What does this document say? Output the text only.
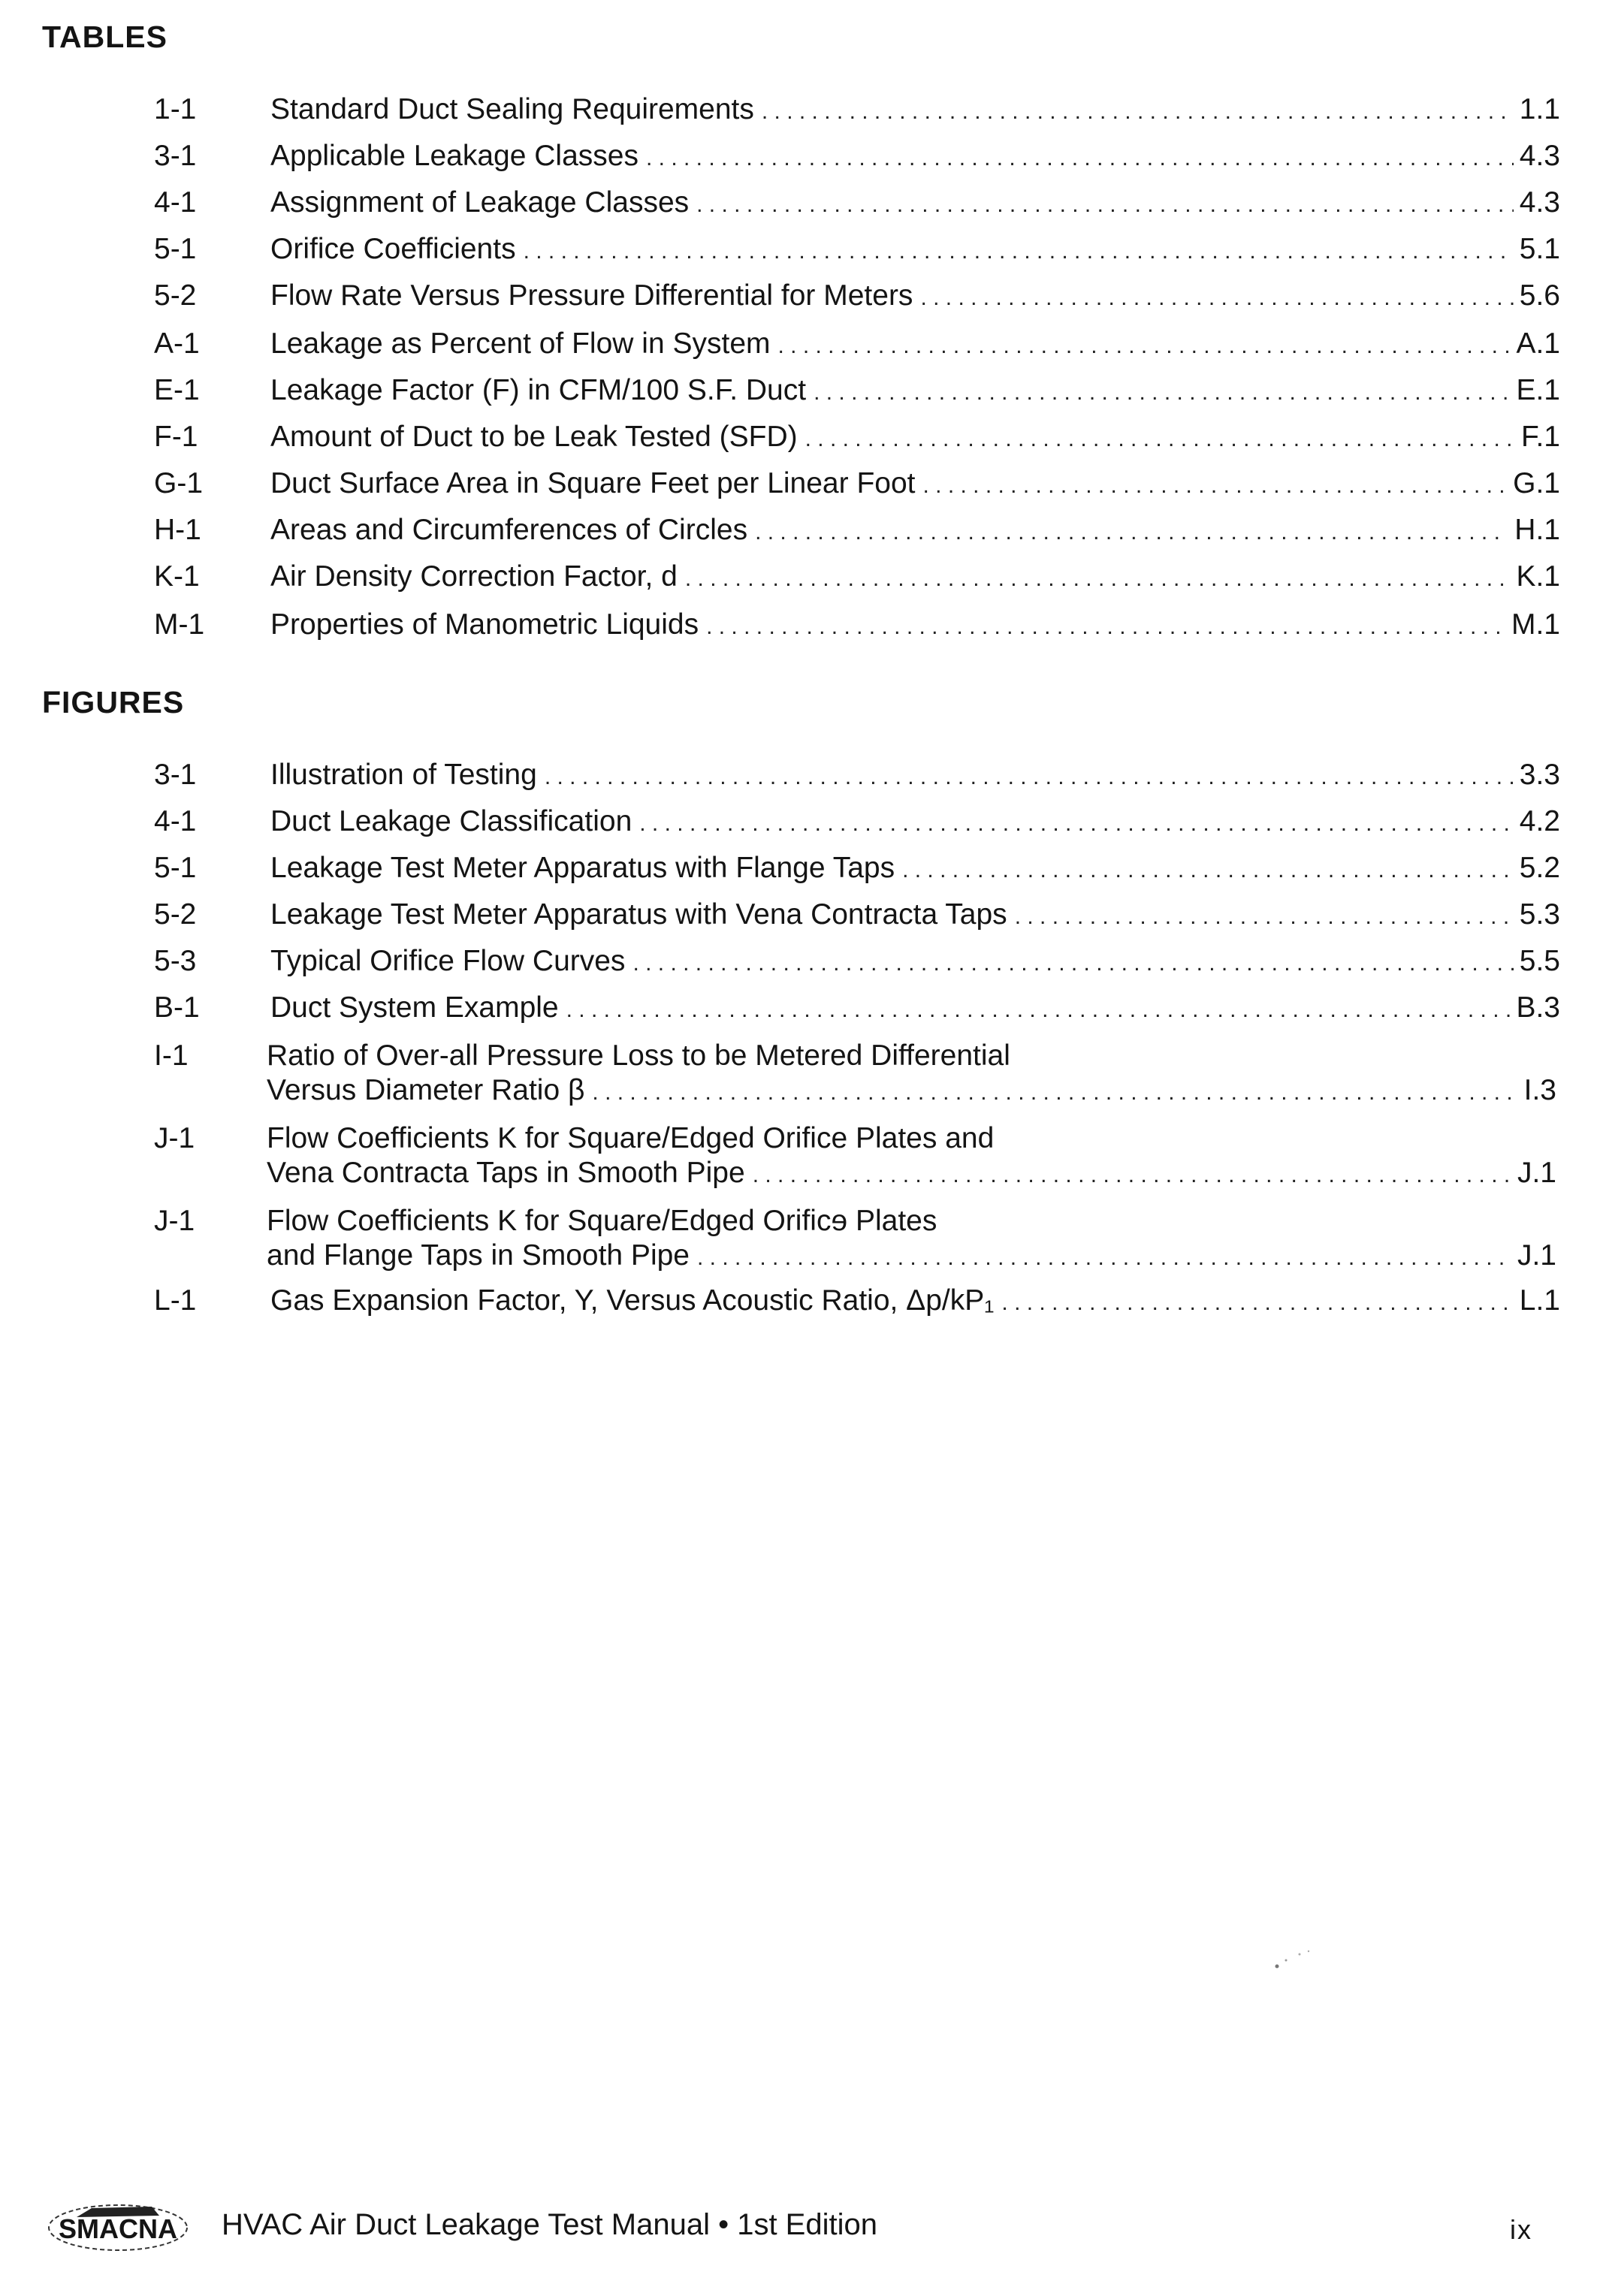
TABLES
1-1	Standard Duct Sealing Requirements . . .	1.1
3-1	Applicable Leakage Classes . . .	4.3
4-1	Assignment of Leakage Classes . . .	4.3
5-1	Orifice Coefficients . . .	5.1
5-2	Flow Rate Versus Pressure Differential for Meters . . .	5.6
A-1	Leakage as Percent of Flow in System . . .	A.1
E-1	Leakage Factor (F) in CFM/100 S.F. Duct . . .	E.1
F-1	Amount of Duct to be Leak Tested (SFD) . . .	F.1
G-1	Duct Surface Area in Square Feet per Linear Foot . . .	G.1
H-1	Areas and Circumferences of Circles . . .	H.1
K-1	Air Density Correction Factor, d . . .	K.1
M-1	Properties of Manometric Liquids . . .	M.1
FIGURES
3-1	Illustration of Testing . . .	3.3
4-1	Duct Leakage Classification . . .	4.2
5-1	Leakage Test Meter Apparatus with Flange Taps . . .	5.2
5-2	Leakage Test Meter Apparatus with Vena Contracta Taps . . .	5.3
5-3	Typical Orifice Flow Curves . . .	5.5
B-1	Duct System Example . . .	B.3
I-1	Ratio of Over-all Pressure Loss to be Metered Differential
Versus Diameter Ratio β . . .	I.3
J-1	Flow Coefficients K for Square/Edged Orifice Plates and
Vena Contracta Taps in Smooth Pipe . . .	J.1
J-1	Flow Coefficients K for Square/Edged Orificɘ Plates
and Flange Taps in Smooth Pipe . . .	J.1
L-1	Gas Expansion Factor, Y, Versus Acoustic Ratio, Δp/kP₁ . . .	L.1
SMACNA HVAC Air Duct Leakage Test Manual • 1st Edition	ix
